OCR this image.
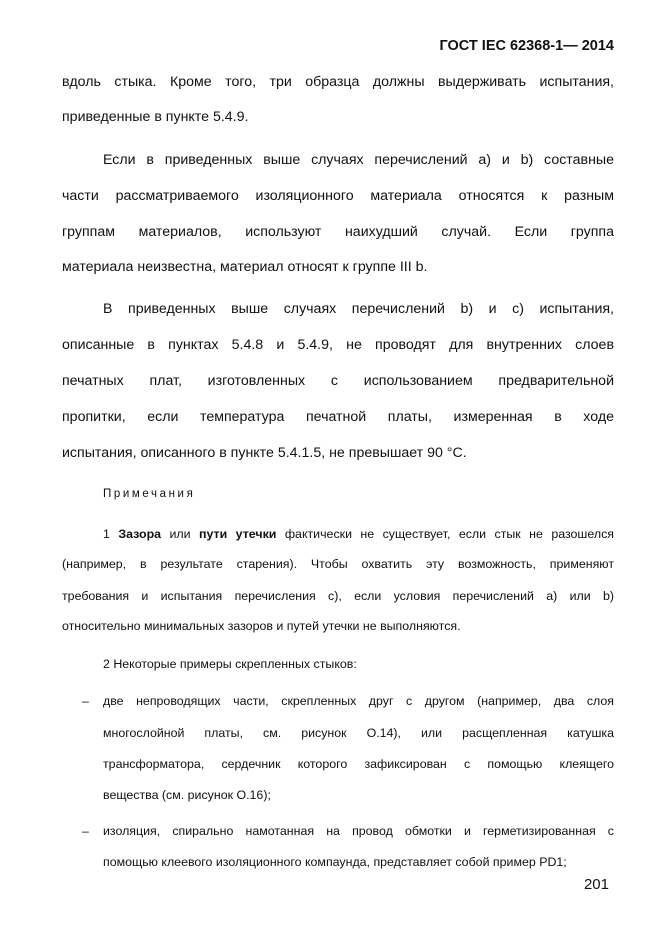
ГОСТ IEC 62368-1— 2014
вдоль стыка. Кроме того, три образца должны выдерживать испытания,
приведенные в пункте 5.4.9.
Если в приведенных выше случаях перечислений а) и b) составные
части рассматриваемого изоляционного материала относятся к разным
группам материалов, используют наихудший случай. Если группа
материала неизвестна, материал относят к группе III b.
В приведенных выше случаях перечислений b) и с) испытания,
описанные в пунктах 5.4.8 и 5.4.9, не проводят для внутренних слоев
печатных плат, изготовленных с использованием предварительной
пропитки, если температура печатной платы, измеренная в ходе
испытания, описанного в пункте 5.4.1.5, не превышает 90 °C.
Примечания
1 Зазора или пути утечки фактически не существует, если стык не разошелся
(например, в результате старения). Чтобы охватить эту возможность, применяют
требования и испытания перечисления с), если условия перечислений а) или b)
относительно минимальных зазоров и путей утечки не выполняются.
2 Некоторые примеры скрепленных стыков:
– две непроводящих части, скрепленных друг с другом (например, два слоя
многослойной платы, см. рисунок О.14), или расщепленная катушка
трансформатора, сердечник которого зафиксирован с помощью клеящего
вещества (см. рисунок О.16);
– изоляция, спирально намотанная на провод обмотки и герметизированная с
помощью клеевого изоляционного компаунда, представляет собой пример PD1;
201
